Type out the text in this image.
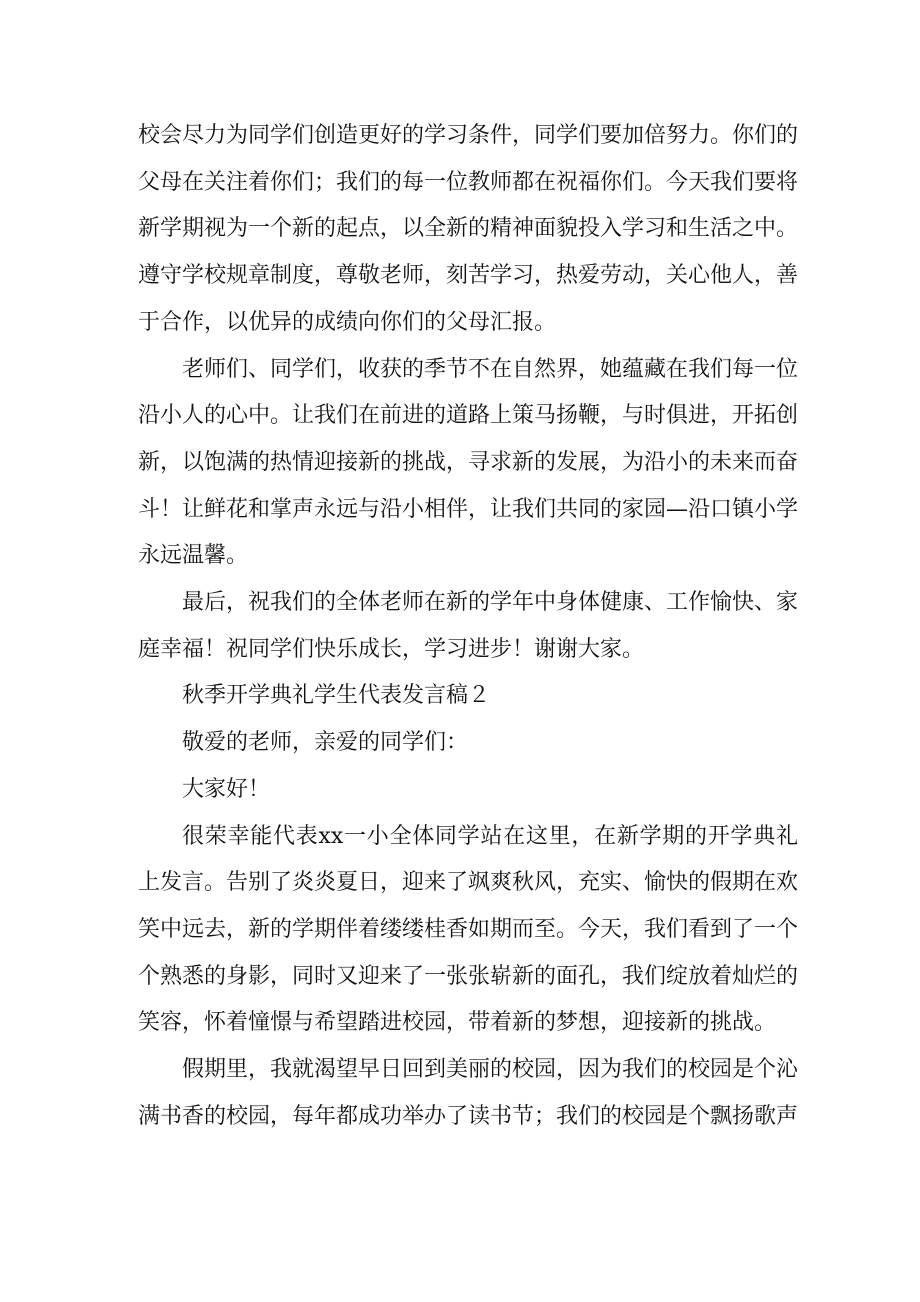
校会尽力为同学们创造更好的学习条件，同学们要加倍努力。你们的父母在关注着你们；我们的每一位教师都在祝福你们。今天我们要将新学期视为一个新的起点，以全新的精神面貌投入学习和生活之中。遵守学校规章制度，尊敬老师，刻苦学习，热爱劳动，关心他人，善于合作，以优异的成绩向你们的父母汇报。

老师们、同学们，收获的季节不在自然界，她蕴藏在我们每一位沿小人的心中。让我们在前进的道路上策马扬鞭，与时俱进，开拓创新，以饱满的热情迎接新的挑战，寻求新的发展，为沿小的未来而奋斗！让鲜花和掌声永远与沿小相伴，让我们共同的家园—沿口镇小学永远温馨。

最后，祝我们的全体老师在新的学年中身体健康、工作愉快、家庭幸福！祝同学们快乐成长，学习进步！谢谢大家。

秋季开学典礼学生代表发言稿２

敬爱的老师，亲爱的同学们：

大家好！

很荣幸能代表xx一小全体同学站在这里，在新学期的开学典礼上发言。告别了炎炎夏日，迎来了飒爽秋风，充实、愉快的假期在欢笑中远去，新的学期伴着缕缕桂香如期而至。今天，我们看到了一个个熟悉的身影，同时又迎来了一张张崭新的面孔，我们绽放着灿烂的笑容，怀着憧憬与希望踏进校园，带着新的梦想，迎接新的挑战。

假期里，我就渴望早日回到美丽的校园，因为我们的校园是个沁满书香的校园，每年都成功举办了读书节；我们的校园是个飘扬歌声
